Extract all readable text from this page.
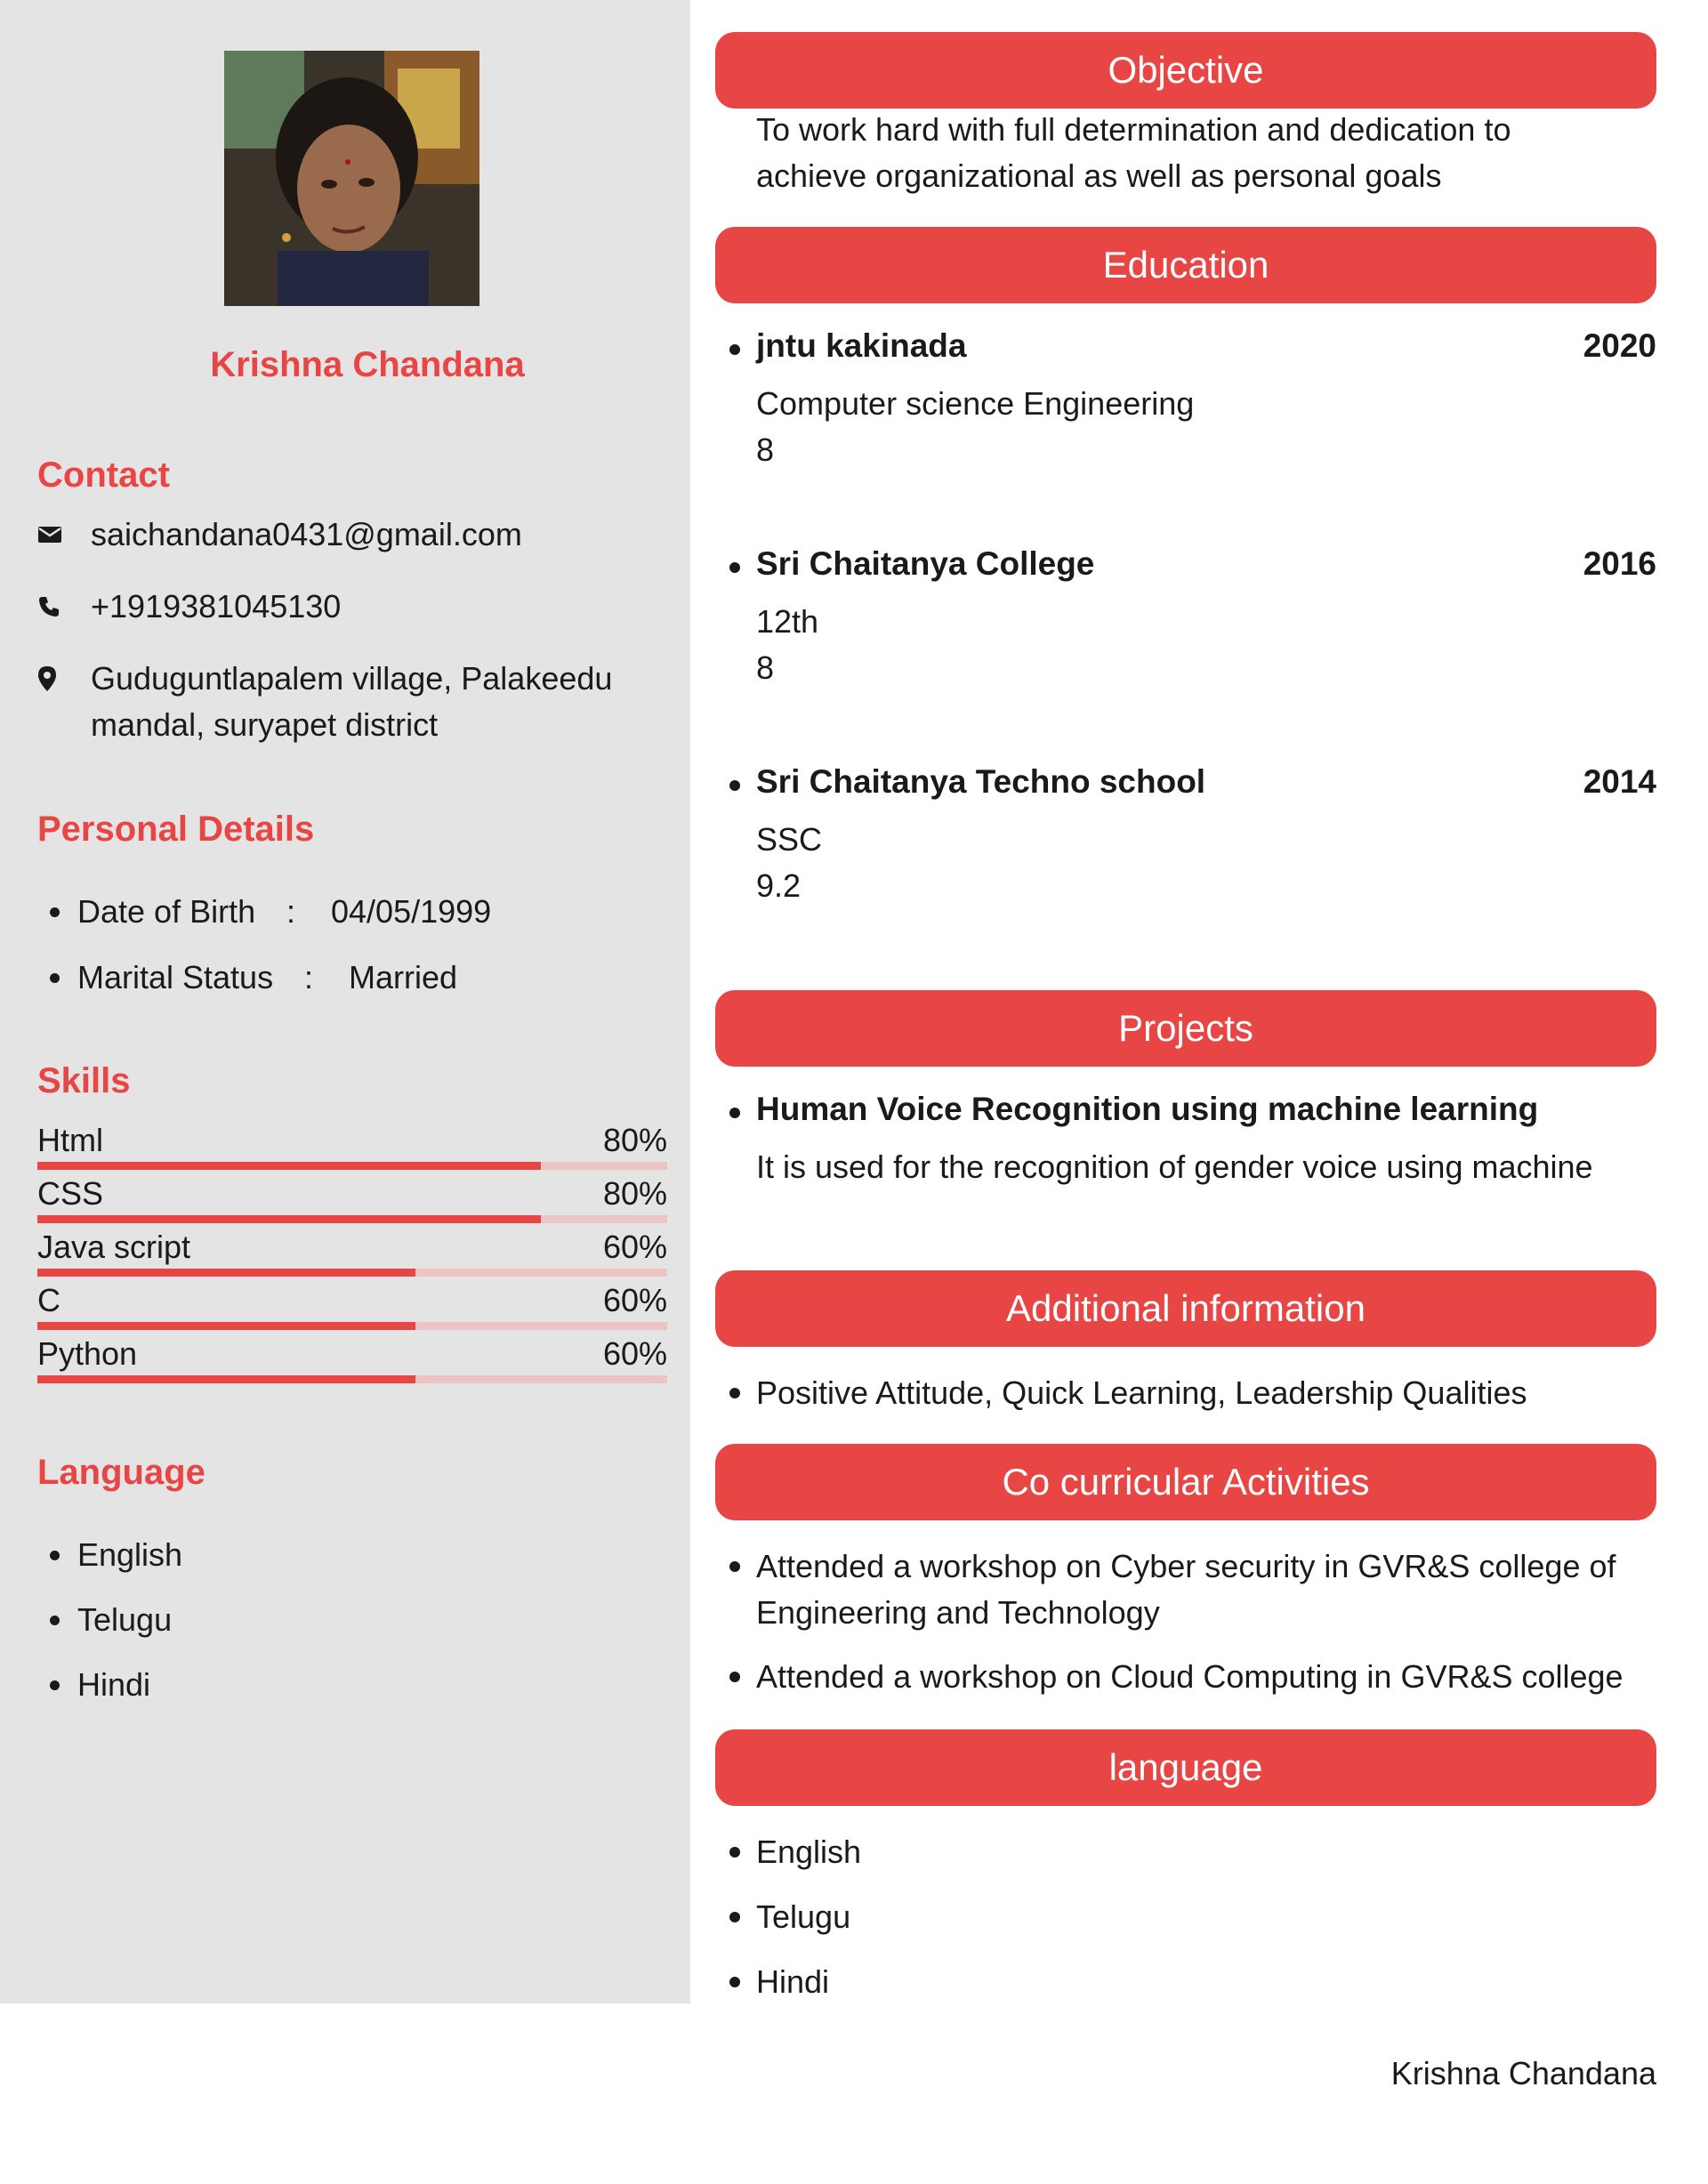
Krishna Chandana
Contact
saichandana0431@gmail.com
+1919381045130
Guduguntlapalem village, Palakeedu mandal, suryapet district
Personal Details
Date of Birth :	04/05/1999
Marital Status :	Married
Skills
Html	80%
CSS	80%
Java script	60%
C	60%
Python	60%
Language
English
Telugu
Hindi
Objective
To work hard with full determination and dedication to
achieve organizational as well as personal goals
Education
jntu kakinada	2020
Computer science Engineering
8
Sri Chaitanya College	2016
12th
8
Sri Chaitanya Techno school	2014
SSC
9.2
Projects
Human Voice Recognition using machine learning
It is used for the recognition of gender voice using machine
Additional information
Positive Attitude, Quick Learning, Leadership Qualities
Co curricular Activities
Attended a workshop on Cyber security in GVR&S college of
Engineering and Technology
Attended a workshop on Cloud Computing in GVR&S college
language
English
Telugu
Hindi
Krishna Chandana
